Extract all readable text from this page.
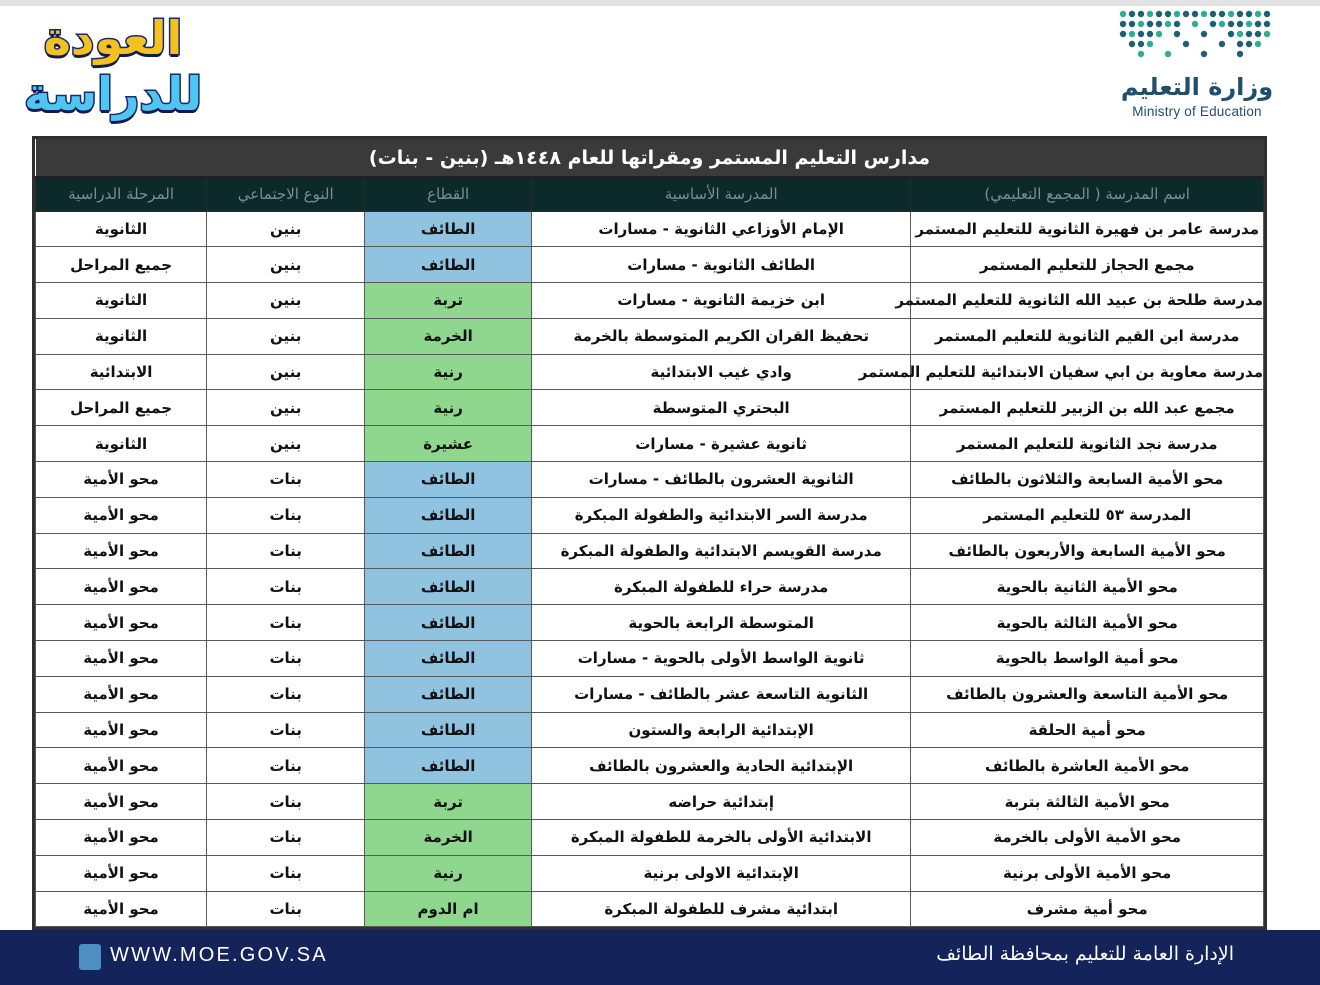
العودة
للدراسة	وزارة التعليم
Ministry of Education
مدارس التعليم المستمر ومقراتها للعام ١٤٤٨هـ (بنين - بنات)				
اسم المدرسة ( المجمع التعليمي)	المدرسة الأساسية	القطاع	النوع الاجتماعي	المرحلة الدراسية
مدرسة عامر بن فهيرة الثانوية للتعليم المستمر	الإمام الأوزاعي الثانوية - مسارات	الطائف	بنين	الثانوية
مجمع الحجاز للتعليم المستمر	الطائف الثانوية - مسارات	الطائف	بنين	جميع المراحل
مدرسة طلحة بن عبيد الله الثانوية للتعليم المستمر	ابن خزيمة الثانوية - مسارات	تربة	بنين	الثانوية
مدرسة ابن القيم الثانوية للتعليم المستمر	تحفيظ القران الكريم المتوسطة بالخرمة	الخرمة	بنين	الثانوية
مدرسة معاوية بن ابي سفيان الابتدائية للتعليم المستمر	وادي غيب الابتدائية	رنية	بنين	الابتدائية
مجمع عبد الله بن الزبير للتعليم المستمر	البحتري المتوسطة	رنية	بنين	جميع المراحل
مدرسة نجد الثانوية للتعليم المستمر	ثانوية عشيرة - مسارات	عشيرة	بنين	الثانوية
محو الأمية السابعة والثلاثون بالطائف	الثانوية العشرون بالطائف - مسارات	الطائف	بنات	محو الأمية
المدرسة ٥٣ للتعليم المستمر	مدرسة السر الابتدائية والطفولة المبكرة	الطائف	بنات	محو الأمية
محو الأمية السابعة والأربعون بالطائف	مدرسة القويسم الابتدائية والطفولة المبكرة	الطائف	بنات	محو الأمية
محو الأمية الثانية بالحوية	مدرسة حراء للطفولة المبكرة	الطائف	بنات	محو الأمية
محو الأمية الثالثة بالحوية	المتوسطة الرابعة بالحوية	الطائف	بنات	محو الأمية
محو أمية الواسط بالحوية	ثانوية الواسط الأولى بالحوية - مسارات	الطائف	بنات	محو الأمية
محو الأمية التاسعة والعشرون بالطائف	الثانوية التاسعة عشر بالطائف - مسارات	الطائف	بنات	محو الأمية
محو أمية الحلقة	الإبتدائية الرابعة والستون	الطائف	بنات	محو الأمية
محو الأمية العاشرة بالطائف	الإبتدائية الحادية والعشرون بالطائف	الطائف	بنات	محو الأمية
محو الأمية الثالثة بتربة	إبتدائية حراضه	تربة	بنات	محو الأمية
محو الأمية الأولى بالخرمة	الابتدائية الأولى بالخرمة للطفولة المبكرة	الخرمة	بنات	محو الأمية
محو الأمية الأولى برنية	الإبتدائية الاولى برنية	رنية	بنات	محو الأمية
محو أمية مشرف	ابتدائية مشرف للطفولة المبكرة	ام الدوم	بنات	محو الأمية
WWW.MOE.GOV.SA	الإدارة العامة للتعليم بمحافظة الطائف
